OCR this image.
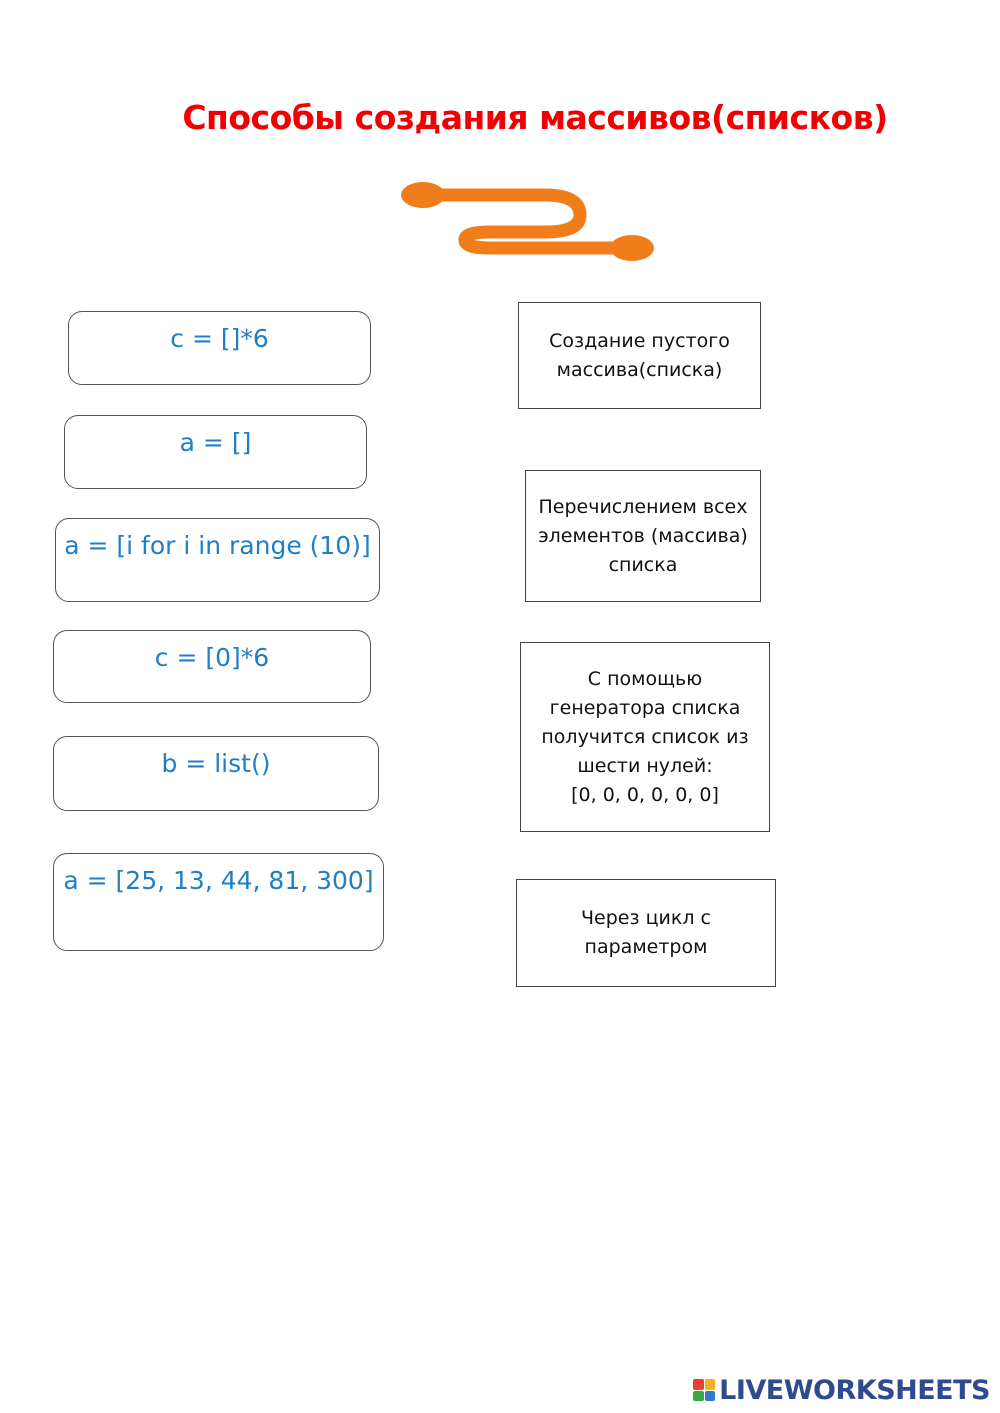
Способы создания массивов(списков)
c = []*6
a = []
a = [i for i in range (10)]
c = [0]*6
b = list()
a = [25, 13, 44, 81, 300]
Создание пустого
массива(списка)
Перечислением всех
элементов (массива)
списка
С помощью
генератора списка
получится список из
шести нулей:
[0, 0, 0, 0, 0, 0]
Через цикл с
параметром
LIVEWORKSHEETS
